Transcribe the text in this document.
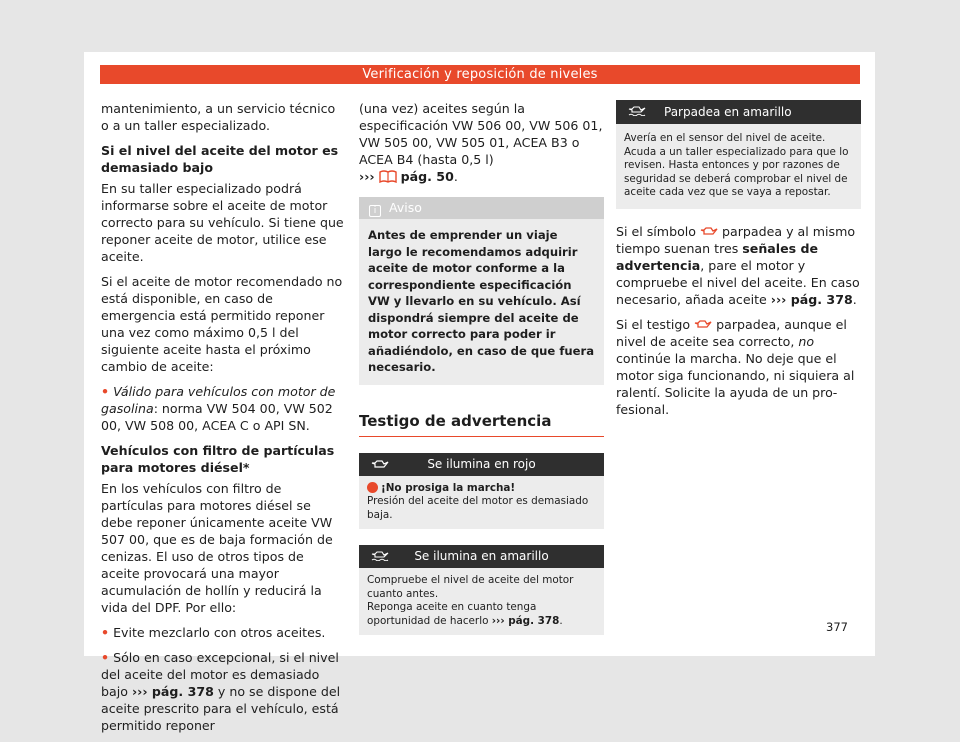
Verificación y reposición de niveles

mantenimiento, a un servicio técnico o a un taller especializado.

Si el nivel del aceite del motor es demasiado bajo

En su taller especializado podrá informarse sobre el aceite de motor correcto para su vehículo. Si tiene que reponer aceite de motor, utilice ese aceite.

Si el aceite de motor recomendado no está disponible, en caso de emergencia está permitido reponer una vez como máximo 0,5 l del siguiente aceite hasta el próximo cambio de aceite:

• Válido para vehículos con motor de gasolina: norma VW 504 00, VW 502 00, VW 508 00, ACEA C o API SN.

Vehículos con filtro de partículas para motores diésel*

En los vehículos con filtro de partículas para motores diésel se debe reponer únicamente aceite VW 507 00, que es de baja formación de cenizas. El uso de otros tipos de aceite provocará una mayor acumulación de hollín y reducirá la vida del DPF. Por ello:

• Evite mezclarlo con otros aceites.

• Sólo en caso excepcional, si el nivel del aceite del motor es demasiado bajo ››› pág. 378 y no se dispone del aceite prescrito para el vehículo, está permitido reponer

(una vez) aceites según la especificación VW 506 00, VW 506 01, VW 505 00, VW 505 01, ACEA B3 o ACEA B4 (hasta 0,5 l)
››› pág. 50.

i Aviso
Antes de emprender un viaje largo le recomendamos adquirir aceite de motor conforme a la correspondiente especificación VW y llevarlo en su vehículo. Así dispondrá siempre del aceite de motor correcto para poder ir añadiéndolo, en caso de que fuera necesario.
Testigo de advertencia
Se ilumina en rojo
¡No prosiga la marcha!
Presión del aceite del motor es demasiado baja.
Se ilumina en amarillo
Compruebe el nivel de aceite del motor cuanto antes.
Reponga aceite en cuanto tenga oportunidad de hacerlo ››› pág. 378.
Parpadea en amarillo
Avería en el sensor del nivel de aceite. Acuda a un taller especializado para que lo revisen. Hasta entonces y por razones de seguridad se deberá comprobar el nivel de aceite cada vez que se vaya a repostar.

Si el símbolo  parpadea y al mismo tiempo suenan tres señales de advertencia, pare el motor y compruebe el nivel del aceite. En caso necesario, añada aceite ››› pág. 378.

Si el testigo  parpadea, aunque el nivel de aceite sea correcto, no continúe la marcha. No deje que el motor siga funcionando, ni siquiera al ralentí. Solicite la ayuda de un profesional.

377
